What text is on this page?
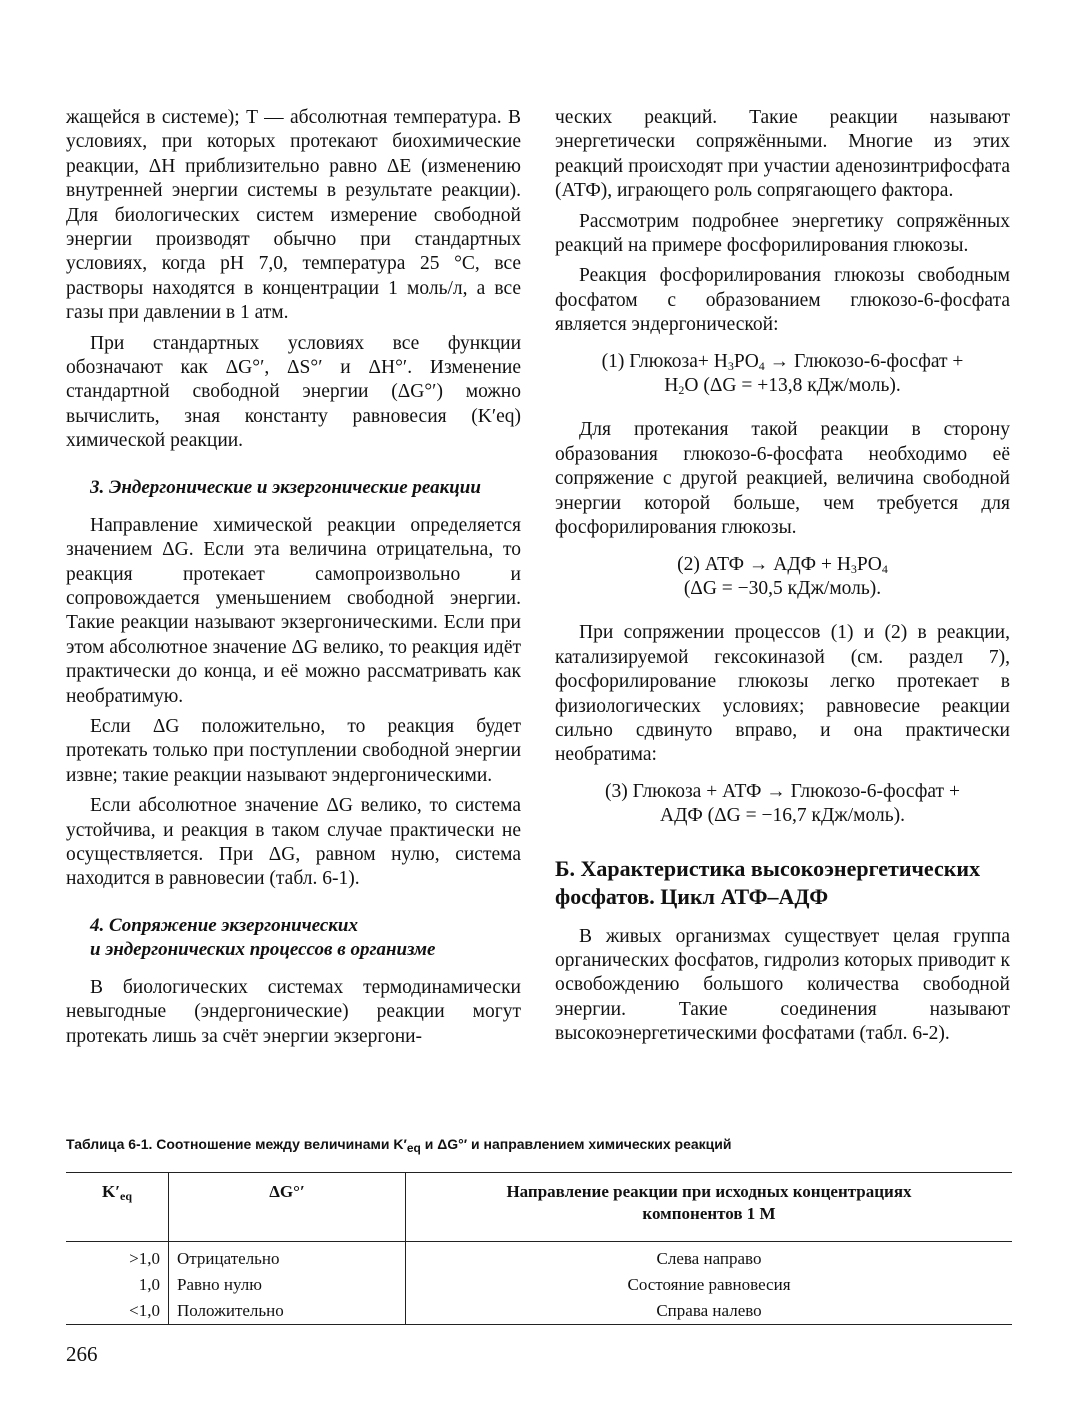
жащейся в системе); T — абсолютная температура. В условиях, при которых протекают биохимические реакции, ΔH приблизительно равно ΔE (изменению внутренней энергии системы в результате реакции). Для биологических систем измерение свободной энергии производят обычно при стандартных условиях, когда pH 7,0, температура 25 °C, все растворы находятся в концентрации 1 моль/л, а все газы при давлении в 1 атм.

При стандартных условиях все функции обозначают как ΔG°′, ΔS°′ и ΔH°′. Изменение стандартной свободной энергии (ΔG°′) можно вычислить, зная константу равновесия (K′eq) химической реакции.

3. Эндергонические и экзергонические реакции

Направление химической реакции определяется значением ΔG. Если эта величина отрицательна, то реакция протекает самопроизвольно и сопровождается уменьшением свободной энергии. Такие реакции называют экзергоническими. Если при этом абсолютное значение ΔG велико, то реакция идёт практически до конца, и её можно рассматривать как необратимую.

Если ΔG положительно, то реакция будет протекать только при поступлении свободной энергии извне; такие реакции называют эндергоническими.

Если абсолютное значение ΔG велико, то система устойчива, и реакция в таком случае практически не осуществляется. При ΔG, равном нулю, система находится в равновесии (табл. 6-1).

4. Сопряжение экзергонических
и эндергонических процессов в организме

В биологических системах термодинамически невыгодные (эндергонические) реакции могут протекать лишь за счёт энергии экзергони-

ческих реакций. Такие реакции называют энергетически сопряжёнными. Многие из этих реакций происходят при участии аденозинтрифосфата (АТФ), играющего роль сопрягающего фактора.

Рассмотрим подробнее энергетику сопряжённых реакций на примере фосфорилирования глюкозы.

Реакция фосфорилирования глюкозы свободным фосфатом с образованием глюкозо-6-фосфата является эндергонической:

(1) Глюкоза+ $H_3PO_4$ → Глюкозо-6-фосфат +
$H_2O$ (ΔG = +13,8 кДж/моль).

Для протекания такой реакции в сторону образования глюкозо-6-фосфата необходимо её сопряжение с другой реакцией, величина свободной энергии которой больше, чем требуется для фосфорилирования глюкозы.

(2) АТФ → АДФ + $H_3PO_4$
(ΔG = −30,5 кДж/моль).

При сопряжении процессов (1) и (2) в реакции, катализируемой гексокиназой (см. раздел 7), фосфорилирование глюкозы легко протекает в физиологических условиях; равновесие реакции сильно сдвинуто вправо, и она практически необратима:

(3) Глюкоза + АТФ → Глюкозо-6-фосфат +
АДФ (ΔG = −16,7 кДж/моль).
Б. Характеристика высокоэнергетических
фосфатов. Цикл АТФ–АДФ

В живых организмах существует целая группа органических фосфатов, гидролиз которых приводит к освобождению большого количества свободной энергии. Такие соединения называют высокоэнергетическими фосфатами (табл. 6-2).

Таблица 6-1. Соотношение между величинами $K'_{eq}$ и ΔG°′ и направлением химических реакций
$K'_{eq}$	ΔG°′	Направление реакции при исходных концентрациях
компонентов 1 М
>1,0	Отрицательно	Слева направо
1,0	Равно нулю	Состояние равновесия
<1,0	Положительно	Справа налево
266
